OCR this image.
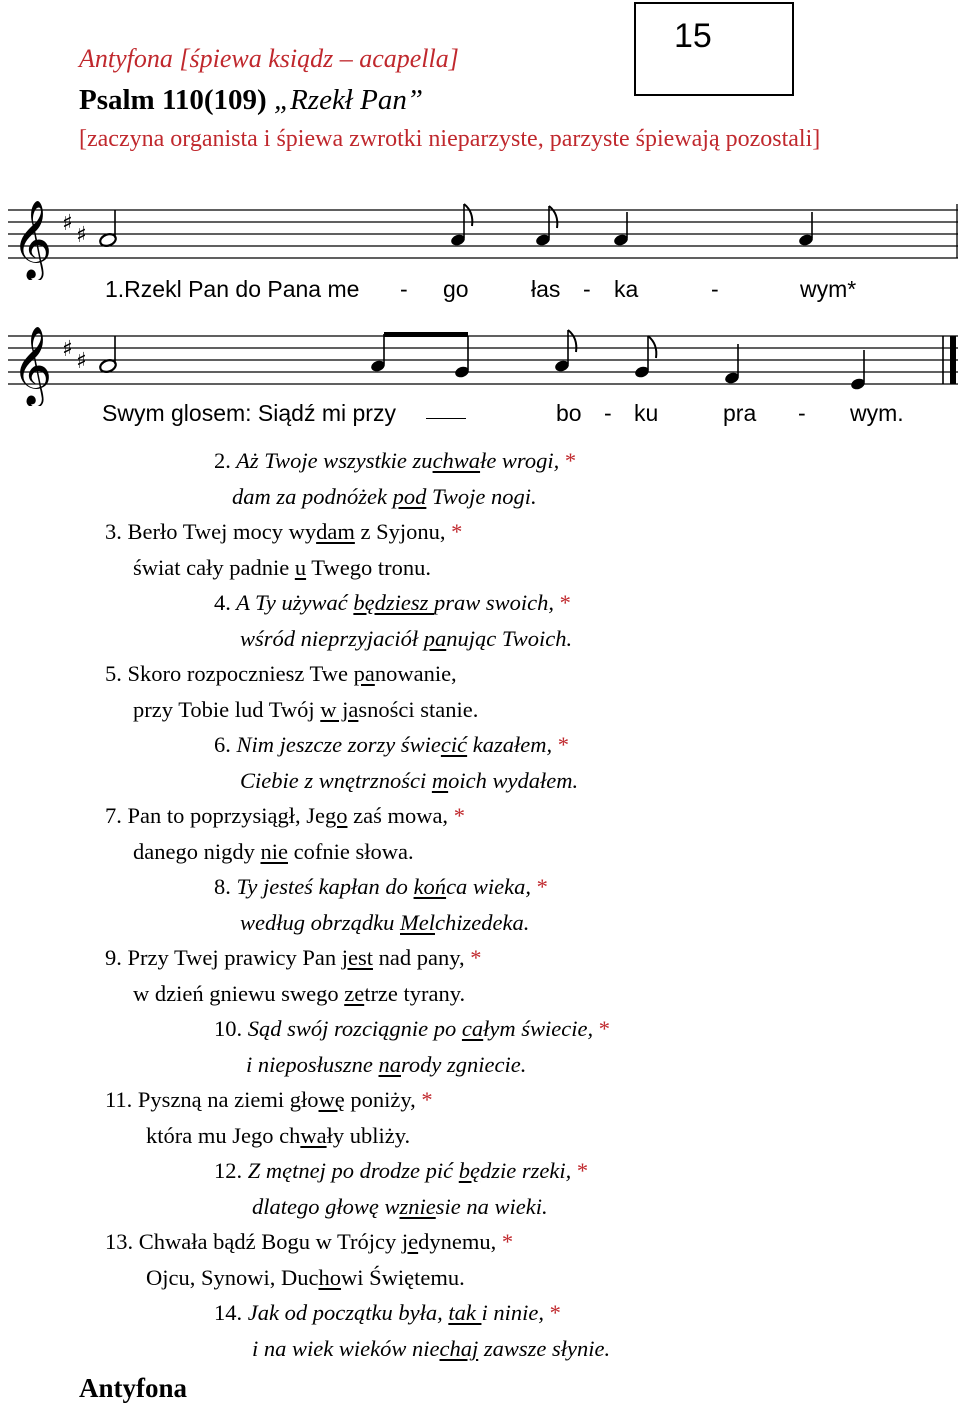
15
Antyfona [śpiewa ksiądz – acapella]
Psalm 110(109) „Rzekł Pan”
[zaczyna organista i śpiewa zwrotki nieparzyste, parzyste śpiewają pozostali]
𝄞 ♯ ♯
1.Rzekl Pan do Pana me - go	łas - ka	-	wym*
𝄞 ♯ ♯
Swym glosem: Siądź mi przy	bo - ku	pra - wym.
2. Aż Twoje wszystkie zuchwałe wrogi, *
dam za podnóżek pod Twoje nogi.
3. Berło Twej mocy wydam z Syjonu, *
świat cały padnie u Twego tronu.
4. A Ty używać będziesz praw swoich, *
wśród nieprzyjaciół panując Twoich.
5. Skoro rozpoczniesz Twe panowanie,
przy Tobie lud Twój w jasności stanie.
6. Nim jeszcze zorzy świecić kazałem, *
Ciebie z wnętrzności moich wydałem.
7. Pan to poprzysiągł, Jego zaś mowa, *
danego nigdy nie cofnie słowa.
8. Ty jesteś kapłan do końca wieka, *
według obrządku Melchizedeka.
9. Przy Twej prawicy Pan jest nad pany, *
w dzień gniewu swego zetrze tyrany.
10. Sąd swój rozciągnie po całym świecie, *
i nieposłuszne narody zgniecie.
11. Pyszną na ziemi głowę poniży, *
która mu Jego chwały ubliży.
12. Z mętnej po drodze pić będzie rzeki, *
dlatego głowę wzniesie na wieki.
13. Chwała bądź Bogu w Trójcy jedynemu, *
Ojcu, Synowi, Duchowi Świętemu.
14. Jak od początku była, tak i ninie, *
i na wiek wieków niechaj zawsze słynie.
Antyfona
